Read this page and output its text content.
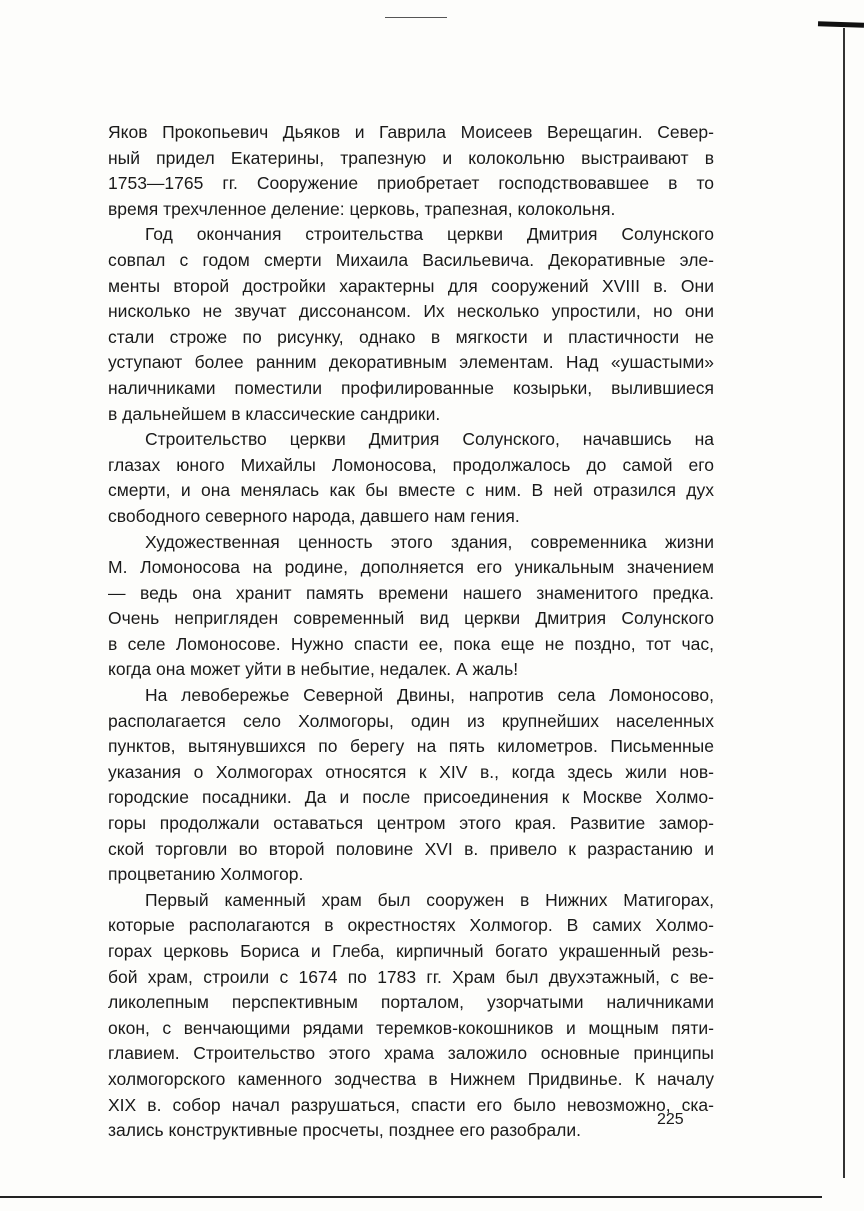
Яков Прокопьевич Дьяков и Гаврила Моисеев Верещагин. Север-
ный придел Екатерины, трапезную и колокольню выстраивают в
1753—1765 гг. Сооружение приобретает господствовавшее в то
время трехчленное деление: церковь, трапезная, колокольня.
Год окончания строительства церкви Дмитрия Солунского
совпал с годом смерти Михаила Васильевича. Декоративные эле-
менты второй достройки характерны для сооружений XVIII в. Они
нисколько не звучат диссонансом. Их несколько упростили, но они
стали строже по рисунку, однако в мягкости и пластичности не
уступают более ранним декоративным элементам. Над «ушастыми»
наличниками поместили профилированные козырьки, вылившиеся
в дальнейшем в классические сандрики.
Строительство церкви Дмитрия Солунского, начавшись на
глазах юного Михайлы Ломоносова, продолжалось до самой его
смерти, и она менялась как бы вместе с ним. В ней отразился дух
свободного северного народа, давшего нам гения.
Художественная ценность этого здания, современника жизни
М. Ломоносова на родине, дополняется его уникальным значением
— ведь она хранит память времени нашего знаменитого предка.
Очень непригляден современный вид церкви Дмитрия Солунского
в селе Ломоносове. Нужно спасти ее, пока еще не поздно, тот час,
когда она может уйти в небытие, недалек. А жаль!
На левобережье Северной Двины, напротив села Ломоносово,
располагается село Холмогоры, один из крупнейших населенных
пунктов, вытянувшихся по берегу на пять километров. Письменные
указания о Холмогорах относятся к XIV в., когда здесь жили нов-
городские посадники. Да и после присоединения к Москве Холмо-
горы продолжали оставаться центром этого края. Развитие замор-
ской торговли во второй половине XVI в. привело к разрастанию и
процветанию Холмогор.
Первый каменный храм был сооружен в Нижних Матигорах,
которые располагаются в окрестностях Холмогор. В самих Холмо-
горах церковь Бориса и Глеба, кирпичный богато украшенный резь-
бой храм, строили с 1674 по 1783 гг. Храм был двухэтажный, с ве-
ликолепным перспективным порталом, узорчатыми наличниками
окон, с венчающими рядами теремков-кокошников и мощным пяти-
главием. Строительство этого храма заложило основные принципы
холмогорского каменного зодчества в Нижнем Придвинье. К началу
XIX в. собор начал разрушаться, спасти его было невозможно, ска-
зались конструктивные просчеты, позднее его разобрали.
225
